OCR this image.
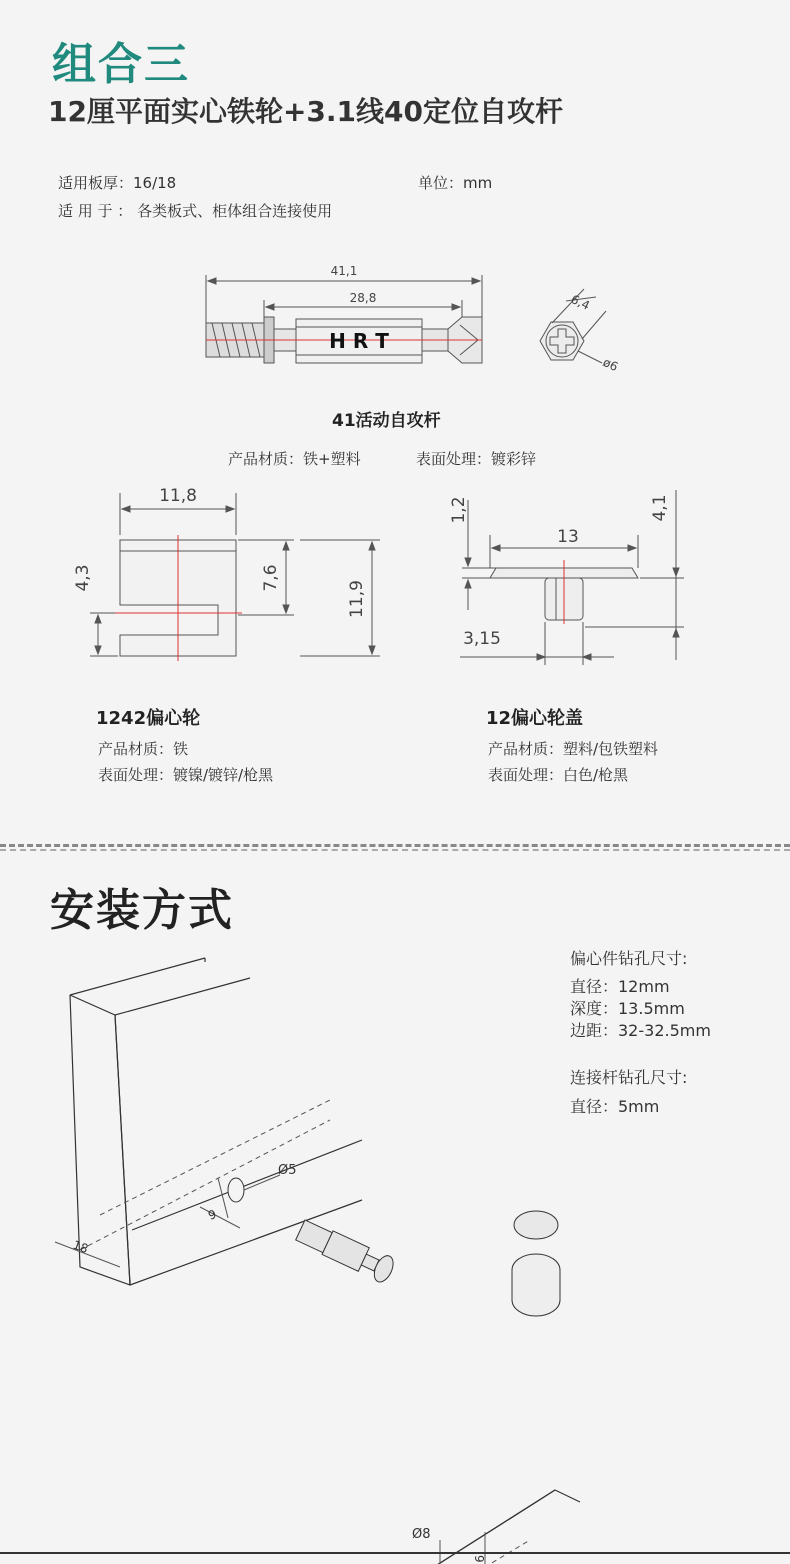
组合三
12厘平面实心铁轮+3.1线40定位自攻杆
适用板厚：16/18	单位：mm
适 用 于 ： 各类板式、柜体组合连接使用
41,1
28,8
H R T
6,4
ø6
41活动自攻杆
产品材质：铁+塑料	表面处理：镀彩锌
11,8
4,3	7,6
11,9
1,2	4,1
13
3,15
1242偏心轮
产品材质：铁
表面处理：镀镍/镀锌/枪黑
12偏心轮盖
产品材质：塑料/包铁塑料
表面处理：白色/枪黑
安装方式
偏心件钻孔尺寸:
直径：12mm
深度：13.5mm
边距：32-32.5mm
连接杆钻孔尺寸:
直径：5mm
Ø5
9
18
Ø8
9
